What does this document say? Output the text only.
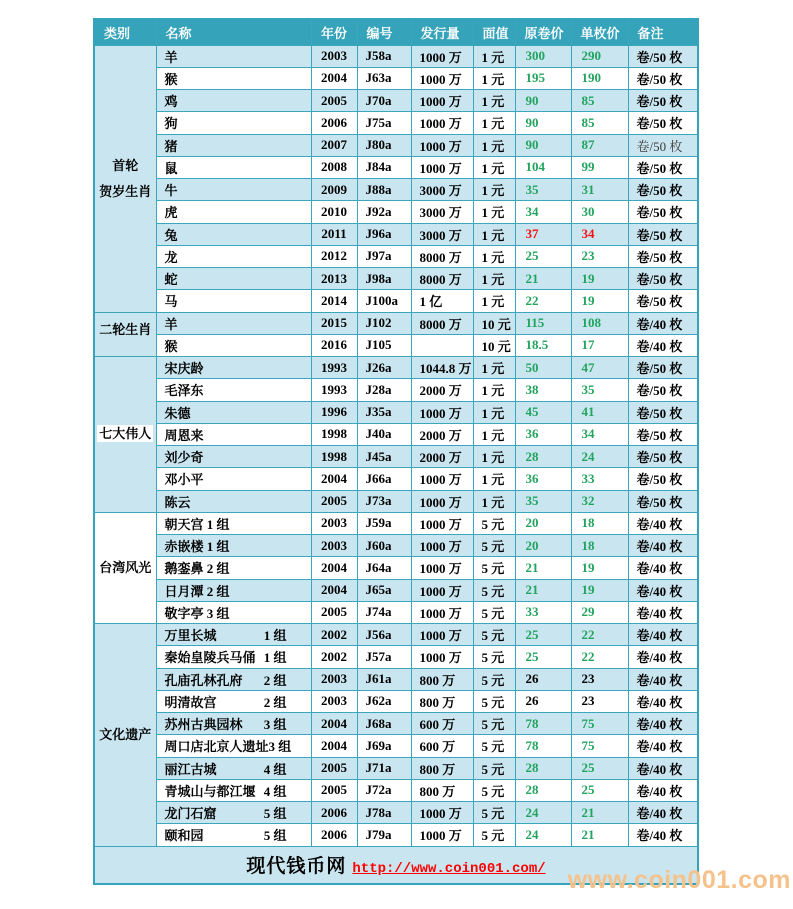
类别	名称	年份	编号	发行量	面值	原卷价	单枚价	备注

首轮
贺岁生肖	羊	2003	J58a	1000 万	1 元	300	290	卷/50 枚

	猴	2004	J63a	1000 万	1 元	195	190	卷/50 枚

	鸡	2005	J70a	1000 万	1 元	90	85	卷/50 枚

	狗	2006	J75a	1000 万	1 元	90	85	卷/50 枚

	猪	2007	J80a	1000 万	1 元	90	87	卷/50 枚

	鼠	2008	J84a	1000 万	1 元	104	99	卷/50 枚

	牛	2009	J88a	3000 万	1 元	35	31	卷/50 枚

	虎	2010	J92a	3000 万	1 元	34	30	卷/50 枚

	兔	2011	J96a	3000 万	1 元	37	34	卷/50 枚

	龙	2012	J97a	8000 万	1 元	25	23	卷/50 枚

	蛇	2013	J98a	8000 万	1 元	21	19	卷/50 枚

	马	2014	J100a	1 亿	1 元	22	19	卷/50 枚

二轮生肖	羊	2015	J102	8000 万	10 元	115	108	卷/40 枚

	猴	2016	J105		10 元	18.5	17	卷/40 枚

七大伟人	宋庆龄	1993	J26a	1044.8 万	1 元	50	47	卷/50 枚

	毛泽东	1993	J28a	2000 万	1 元	38	35	卷/50 枚

	朱德	1996	J35a	1000 万	1 元	45	41	卷/50 枚

	周恩来	1998	J40a	2000 万	1 元	36	34	卷/50 枚

	刘少奇	1998	J45a	2000 万	1 元	28	24	卷/50 枚

	邓小平	2004	J66a	1000 万	1 元	36	33	卷/50 枚

	陈云	2005	J73a	1000 万	1 元	35	32	卷/50 枚

台湾风光	朝天宫 1 组	2003	J59a	1000 万	5 元	20	18	卷/40 枚

	赤嵌楼 1 组	2003	J60a	1000 万	5 元	20	18	卷/40 枚

	鹅銮鼻 2 组	2004	J64a	1000 万	5 元	21	19	卷/40 枚

	日月潭 2 组	2004	J65a	1000 万	5 元	21	19	卷/40 枚

	敬字亭 3 组	2005	J74a	1000 万	5 元	33	29	卷/40 枚

文化遗产	万里长城 1 组	2002	J56a	1000 万	5 元	25	22	卷/40 枚

	秦始皇陵兵马俑 1 组	2002	J57a	1000 万	5 元	25	22	卷/40 枚

	孔庙孔林孔府 2 组	2003	J61a	800 万	5 元	26	23	卷/40 枚

	明清故宫 2 组	2003	J62a	800 万	5 元	26	23	卷/40 枚

	苏州古典园林 3 组	2004	J68a	600 万	5 元	78	75	卷/40 枚

	周口店北京人遗址 3 组	2004	J69a	600 万	5 元	78	75	卷/40 枚

	丽江古城 4 组	2005	J71a	800 万	5 元	28	25	卷/40 枚

	青城山与都江堰 4 组	2005	J72a	800 万	5 元	28	25	卷/40 枚

	龙门石窟 5 组	2006	J78a	1000 万	5 元	24	21	卷/40 枚

	颐和园 5 组	2006	J79a	1000 万	5 元	24	21	卷/40 枚
现代钱币网 http://www.coin001.com/								www.coin001.com
